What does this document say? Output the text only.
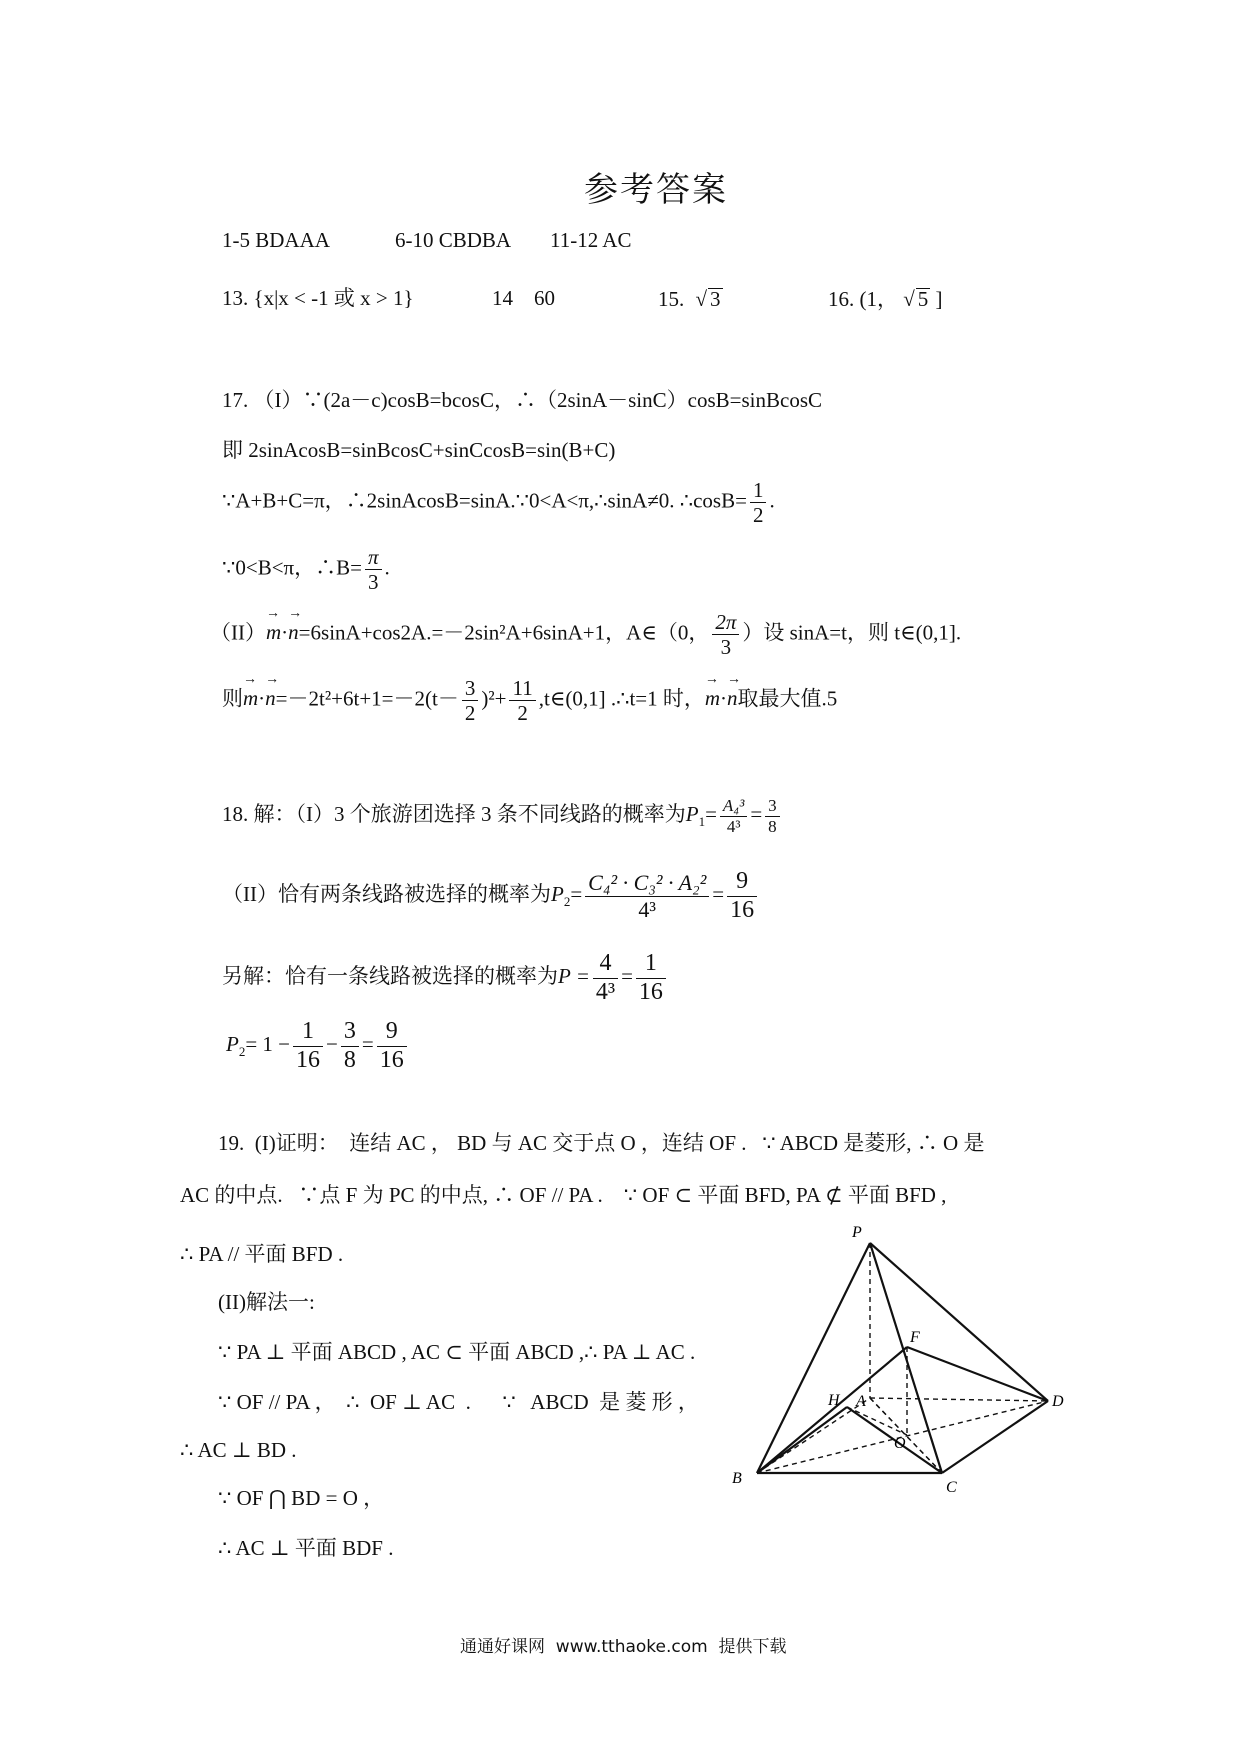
参考答案
1-5 BDAAA	6-10 CBDBA 11-12 AC
13. {x|x < -1 或 x > 1}	14    60	15. √ 3	16. (1， √ 5 ]
17. （I）∵(2a－c)cosB=bcosC，∴（2sinA－sinC）cosB=sinBcosC
即 2sinAcosB=sinBcosC+sinCcosB=sin(B+C)
∵A+B+C=π，∴2sinAcosB=sinA.∵0<A<π,∴sinA≠0. ∴cosB= $\frac{1}{2}$ .
∵0<B<π，∴B= $\frac{\pi}{3}$ .
（II）→ m·→ n=6sinA+cos2A.=－2sin²A+6sinA+1，A∈（0， $\frac{2\pi}{3}$ ）设 sinA=t，则 t∈(0,1].
则→ $m\cdot\to n=-2t^2+6t+1=-2(t- \frac{3}{2} )^2+ \frac{11}{2}$ ,t∈(0,1] .∴t=1 时，→ m·→ n取最大值.5
18. 解：（I）3 个旅游团选择 3 条不同线路的概率为$P_1= \frac{\text{A₄³}}{\text{4³}} = \frac{3}{8}$
（II）恰有两条线路被选择的概率为$P_2= \frac{\text{C₄² · C₃² · A₂²}}{\text{4³}} = \frac{9}{16}$
另解：恰有一条线路被选择的概率为$P = \frac{4}{\text{4³}} = \frac{1}{16}$
$P_2= 1 - \frac{1}{16} - \frac{3}{8} = \frac{9}{16}$
19.  (I)证明：  连结 AC ， BD 与 AC 交于点 O ，连结 OF .   ∵ ABCD 是菱形, ∴ O 是
AC 的中点.   ∵点 F 为 PC 的中点, ∴ OF // PA .    ∵ OF ⊂ 平面 BFD, PA ⊄ 平面 BFD ,
∴ PA // 平面 BFD .
(II)解法一:
∵ PA ⊥ 平面 ABCD , AC ⊂ 平面 ABCD ,∴ PA ⊥ AC .
∵ OF // PA ，  ∴  OF ⊥ AC  .      ∵   ABCD  是 菱 形 ，
∴ AC ⊥ BD .
∵ OF ⋂ BD = O ，
∴ AC ⊥ 平面 BDF .
P
F
H A
O
D
B
C
通通好课网  www.tthaoke.com  提供下载
